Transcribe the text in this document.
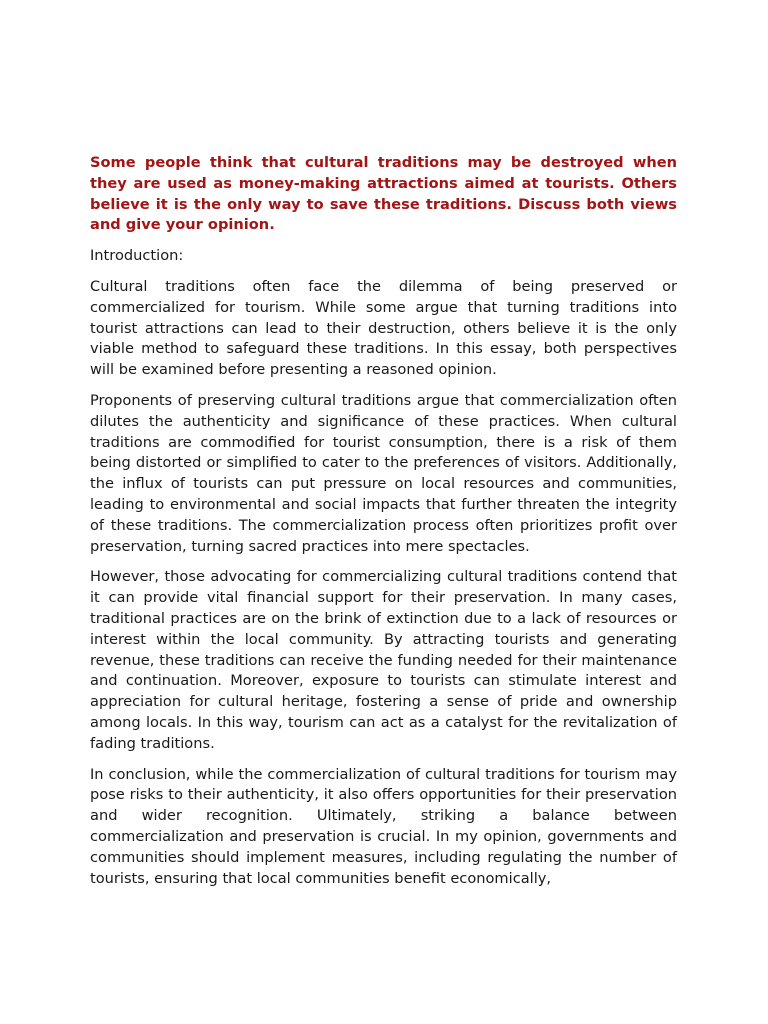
Some people think that cultural traditions may be destroyed when they are used as money-making attractions aimed at tourists. Others believe it is the only way to save these traditions. Discuss both views and give your opinion.

Introduction:

Cultural traditions often face the dilemma of being preserved or commercialized for tourism. While some argue that turning traditions into tourist attractions can lead to their destruction, others believe it is the only viable method to safeguard these traditions. In this essay, both perspectives will be examined before presenting a reasoned opinion.

Proponents of preserving cultural traditions argue that commercialization often dilutes the authenticity and significance of these practices. When cultural traditions are commodified for tourist consumption, there is a risk of them being distorted or simplified to cater to the preferences of visitors. Additionally, the influx of tourists can put pressure on local resources and communities, leading to environmental and social impacts that further threaten the integrity of these traditions. The commercialization process often prioritizes profit over preservation, turning sacred practices into mere spectacles.

However, those advocating for commercializing cultural traditions contend that it can provide vital financial support for their preservation. In many cases, traditional practices are on the brink of extinction due to a lack of resources or interest within the local community. By attracting tourists and generating revenue, these traditions can receive the funding needed for their maintenance and continuation. Moreover, exposure to tourists can stimulate interest and appreciation for cultural heritage, fostering a sense of pride and ownership among locals. In this way, tourism can act as a catalyst for the revitalization of fading traditions.

In conclusion, while the commercialization of cultural traditions for tourism may pose risks to their authenticity, it also offers opportunities for their preservation and wider recognition. Ultimately, striking a balance between commercialization and preservation is crucial. In my opinion, governments and communities should implement measures, including regulating the number of tourists, ensuring that local communities benefit economically,
